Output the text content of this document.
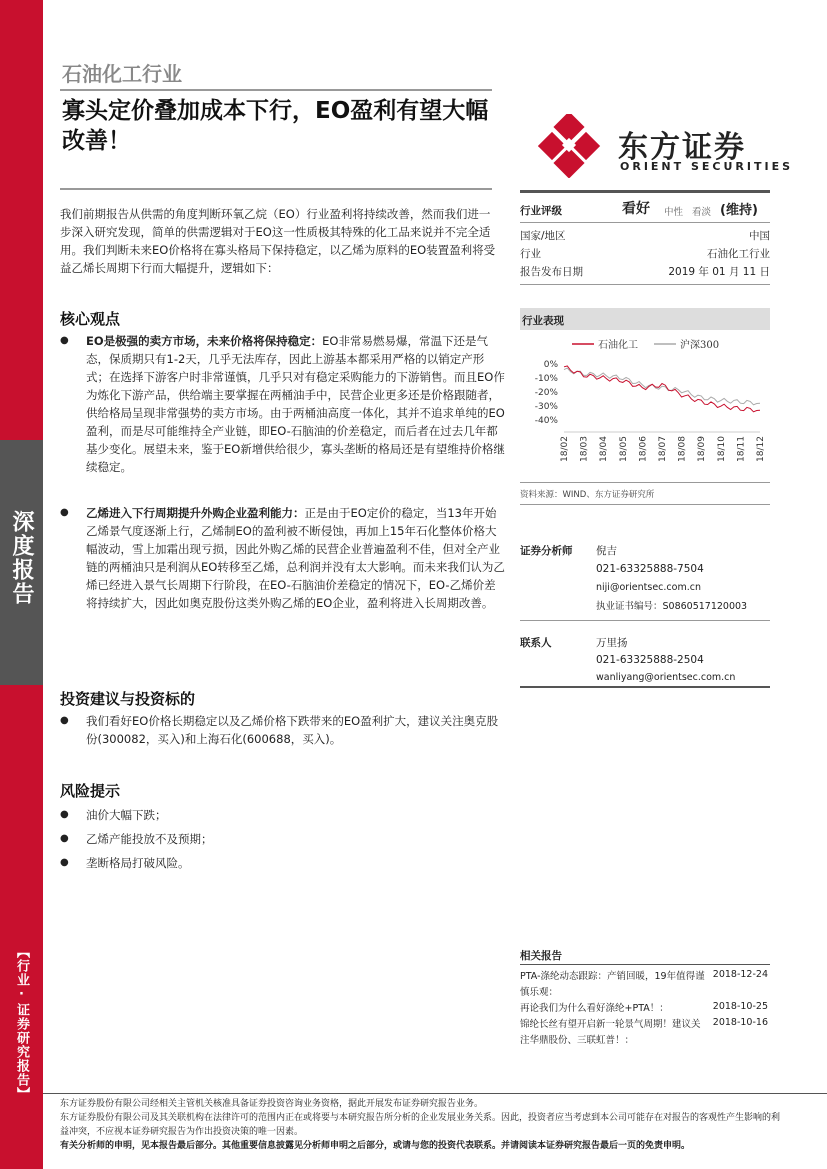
深度报告
【行业·证券研究报告】
石油化工行业
寡头定价叠加成本下行，EO盈利有望大幅改善！	东方证券
ORIENT SECURITIES
我们前期报告从供需的角度判断环氧乙烷（EO）行业盈利将持续改善，然而我们进一步深入研究发现，简单的供需逻辑对于EO这一性质极其特殊的化工品来说并不完全适用。我们判断未来EO价格将在寡头格局下保持稳定，以乙烯为原料的EO装置盈利将受益乙烯长周期下行而大幅提升，逻辑如下：
核心观点
● EO是极强的卖方市场，未来价格将保持稳定：EO非常易燃易爆，常温下还是气态，保质期只有1-2天，几乎无法库存，因此上游基本都采用严格的以销定产形式；在选择下游客户时非常谨慎，几乎只对有稳定采购能力的下游销售。而且EO作为炼化下游产品，供给端主要掌握在两桶油手中，民营企业更多还是价格跟随者，供给格局呈现非常强势的卖方市场。由于两桶油高度一体化，其并不追求单纯的EO盈利，而是尽可能维持全产业链，即EO-石脑油的价差稳定，而后者在过去几年都基少变化。展望未来，鉴于EO新增供给很少，寡头垄断的格局还是有望维持价格继续稳定。
● 乙烯进入下行周期提升外购企业盈利能力：正是由于EO定价的稳定，当13年开始乙烯景气度逐渐上行，乙烯制EO的盈利被不断侵蚀，再加上15年石化整体价格大幅波动，雪上加霜出现亏损，因此外购乙烯的民营企业普遍盈利不佳，但对全产业链的两桶油只是利润从EO转移至乙烯，总利润并没有太大影响。而未来我们认为乙烯已经进入景气长周期下行阶段，在EO-石脑油价差稳定的情况下，EO-乙烯价差将持续扩大，因此如奥克股份这类外购乙烯的EO企业，盈利将进入长周期改善。
投资建议与投资标的
● 我们看好EO价格长期稳定以及乙烯价格下跌带来的EO盈利扩大，建议关注奥克股份(300082，买入)和上海石化(600688，买入)。
风险提示
● 油价大幅下跌；
● 乙烯产能投放不及预期；
● 垄断格局打破风险。
行业评级	看好 中性 看淡 (维持)
国家/地区	中国
行业	石油化工行业
报告发布日期	2019 年 01 月 11 日
行业表现
石油化工	沪深300
0%
-10%
-20%
-30%
-40%
18/02 18/03 18/04 18/05 18/06 18/07 18/08 18/09 18/10 18/11 18/12
资料来源：WIND、东方证券研究所
证券分析师 倪吉
021-63325888-7504
niji@orientsec.com.cn
执业证书编号：S0860517120003
联系人	万里扬
021-63325888-2504
wanliyang@orientsec.com.cn
相关报告
PTA-涤纶动态跟踪：产销回暖，19年值得谨慎乐观：
2018-12-24
再论我们为什么看好涤纶+PTA！：	2018-10-25
锦纶长丝有望开启新一轮景气周期！建议关注华鼎股份、三联虹普！：
2018-10-16
东方证券股份有限公司经相关主管机关核准具备证券投资咨询业务资格，据此开展发布证券研究报告业务。
东方证券股份有限公司及其关联机构在法律许可的范围内正在或将要与本研究报告所分析的企业发展业务关系。因此，投资者应当考虑到本公司可能存在对报告的客观性产生影响的利益冲突，不应视本证券研究报告为作出投资决策的唯一因素。
有关分析师的申明，见本报告最后部分。其他重要信息披露见分析师申明之后部分，或请与您的投资代表联系。并请阅读本证券研究报告最后一页的免责申明。
